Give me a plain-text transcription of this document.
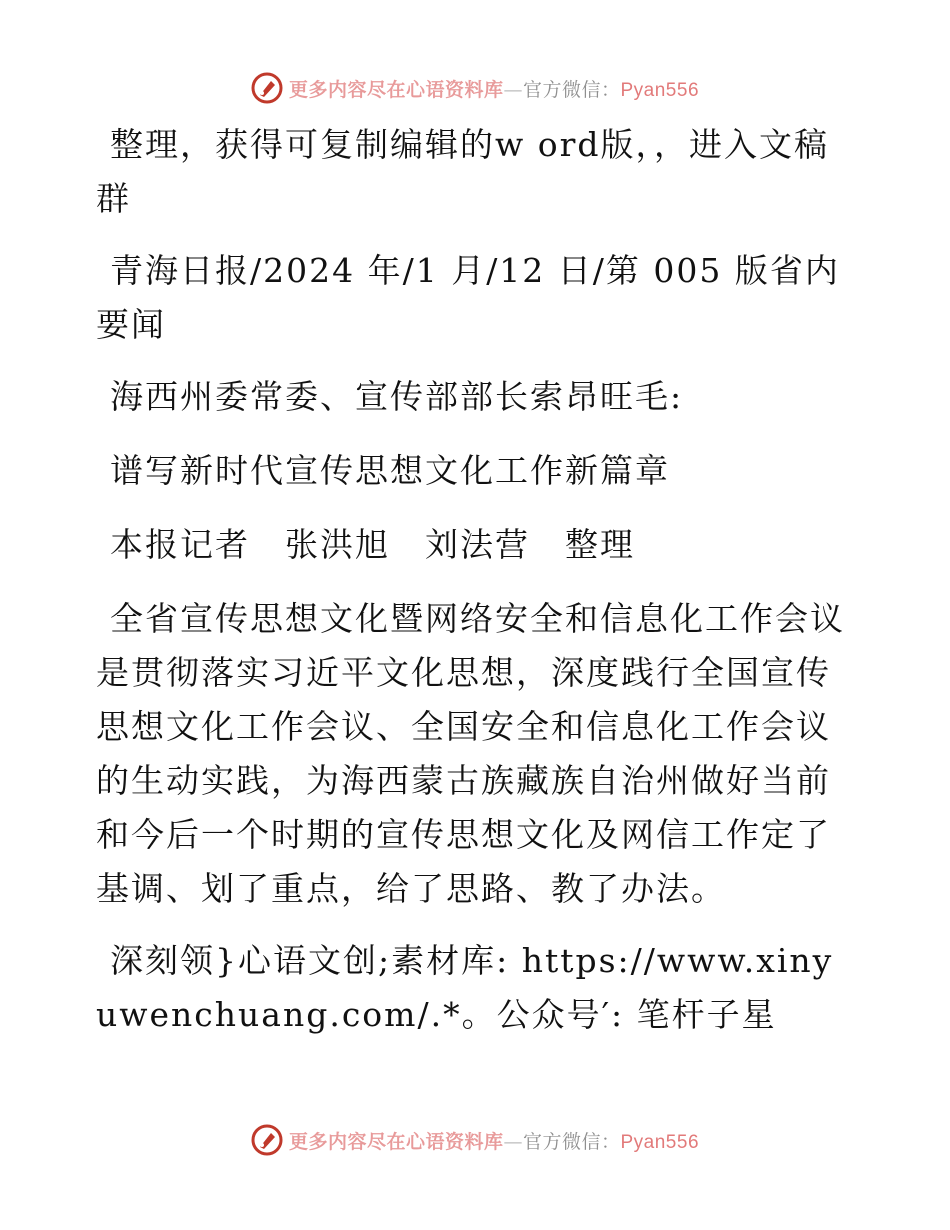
更多内容尽在心语资料库—官方微信：Pyan556

整理，获得可复制编辑的w ord版，，进入文稿群

青海日报/2024 年/1 月/12 日/第 005 版省内要闻

海西州委常委、宣传部部长索昂旺毛:

谱写新时代宣传思想文化工作新篇章

本报记者　张洪旭　刘法营　整理

全省宣传思想文化暨网络安全和信息化工作会议是贯彻落实习近平文化思想，深度践行全国宣传思想文化工作会议、全国安全和信息化工作会议的生动实践，为海西蒙古族藏族自治州做好当前和今后一个时期的宣传思想文化及网信工作定了基调、划了重点，给了思路、教了办法。

深刻领}心语文创;素材库: https://www.xinyuwenchuang.com/.*。公众号′: 笔杆子星

更多内容尽在心语资料库—官方微信：Pyan556
